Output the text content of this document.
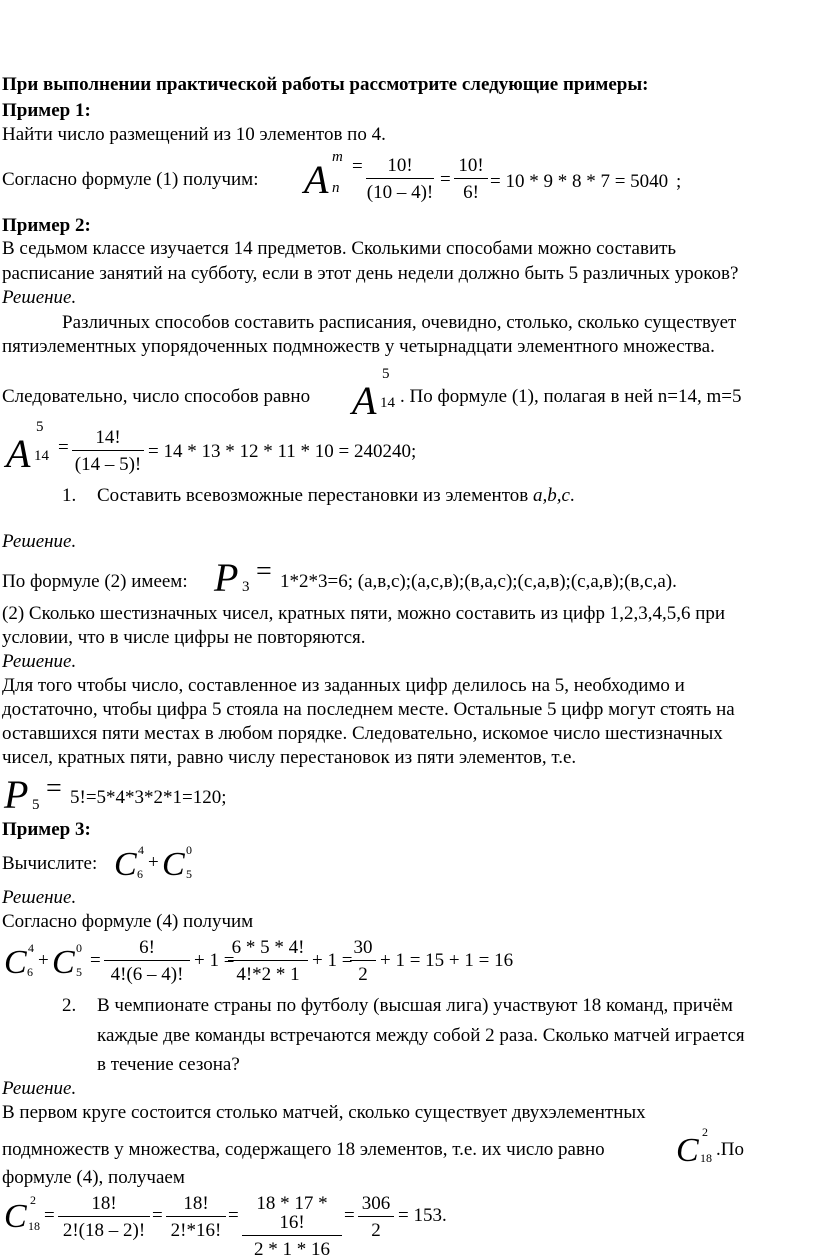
При выполнении практической работы рассмотрите следующие примеры:
Пример 1:
Найти число размещений из 10 элементов по 4.
Согласно формуле (1) получим: A m
n
= $\frac{10!}{(10 - 4)!} = \frac{10!}{6!} = 10 * 9 * 8 * 7 = 5040$ ;
Пример 2:
В седьмом классе изучается 14 предметов. Сколькими способами можно составить
расписание занятий на субботу, если в этот день недели должно быть 5 различных уроков?
Решение.
Различных способов составить расписания, очевидно, столько, сколько существует
пятиэлементных упорядоченных подмножеств у четырнадцати элементного множества.
Следовательно, число способов равно A
5
14 . По формуле (1), полагая в ней n=14, m=5
A
5
$14 = \frac{14!}{(14 - 5)!} = 14 * 13 * 12 * 11 * 10 = 240240$;
1. Составить всевозможные перестановки из элементов a,b,c.
Решение.
По формуле (2) имеем: P 3 = 1*2*3=6; (а,в,с);(а,с,в);(в,а,с);(с,а,в);(с,а,в);(в,с,а).
(2) Сколько шестизначных чисел, кратных пяти, можно составить из цифр 1,2,3,4,5,6 при
условии, что в числе цифры не повторяются.
Решение.
Для того чтобы число, составленное из заданных цифр делилось на 5, необходимо и
достаточно, чтобы цифра 5 стояла на последнем месте. Остальные 5 цифр могут стоять на
оставшихся пяти местах в любом порядке. Следовательно, искомое число шестизначных
чисел, кратных пяти, равно числу перестановок из пяти элементов, т.е.
P 5
= 5!=5*4*3*2*1=120;
Пример 3:
Вычислите: C 4
6
+ C 0
5
Решение.
Согласно формуле (4) получим
C 4
6
+ C 0
5
= $\frac{6!}{4!(6 - 4)!} + 1$ =
$\frac{6 * 5 * 4!}{4!*2 * 1} + 1$ =
$\frac{30}{2} + 1 = 15 + 1 = 16$
2. В чемпионате страны по футболу (высшая лига) участвуют 18 команд, причём
каждые две команды встречаются между собой 2 раза. Сколько матчей играется
в течение сезона?
Решение.
В первом круге состоится столько матчей, сколько существует двухэлементных
подмножеств у множества, содержащего 18 элементов, т.е. их число равно C 2
18 .По
формуле (4), получаем
C 2
$18 = \frac{18!}{2!(18 - 2)!} = \frac{18!}{2!*16!} = \frac{18 * 17 * 16!}{2 * 1 * 16} = \frac{306}{2} = 153$.
